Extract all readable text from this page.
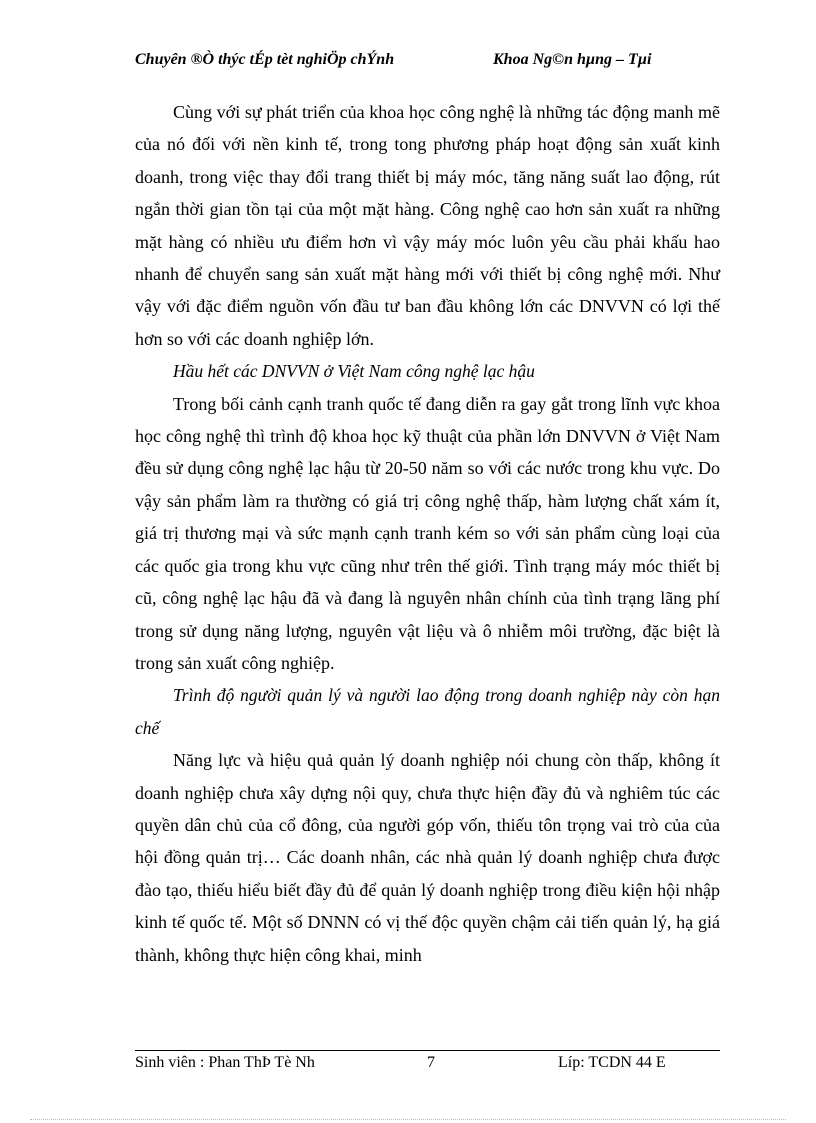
Chuyên ®Ò thýc tÉp tèt nghiÖp chÝnh	Khoa Ng©n hµng – Tµi

Cùng với sự phát triển của khoa học công nghệ là những tác động manh mẽ của nó đối với nền kinh tế, trong tong phương pháp hoạt động sản xuất kinh doanh, trong việc thay đổi trang thiết bị máy móc, tăng năng suất lao động, rút ngắn thời gian tồn tại của một mặt hàng. Công nghệ cao hơn sản xuất ra những mặt hàng có nhiều ưu điểm hơn vì vậy máy móc luôn yêu cầu phải khấu hao nhanh để chuyển sang sản xuất mặt hàng mới với thiết bị công nghệ mới. Như vậy với đặc điểm nguồn vốn đầu tư ban đầu không lớn các DNVVN có lợi thế hơn so với các doanh nghiệp lớn.

Hầu hết các DNVVN ở Việt Nam công nghệ lạc hậu

Trong bối cảnh cạnh tranh quốc tế đang diễn ra gay gắt trong lĩnh vực khoa học công nghệ thì trình độ khoa học kỹ thuật của phần lớn DNVVN ở Việt Nam đều sử dụng công nghệ lạc hậu từ 20-50 năm so với các nước trong khu vực. Do vậy sản phẩm làm ra thường có giá trị công nghệ thấp, hàm lượng chất xám ít, giá trị thương mại và sức mạnh cạnh tranh kém so với sản phẩm cùng loại của các quốc gia trong khu vực cũng như trên thế giới. Tình trạng máy móc thiết bị cũ, công nghệ lạc hậu đã và đang là nguyên nhân chính của tình trạng lãng phí trong sử dụng năng lượng, nguyên vật liệu và ô nhiễm môi trường, đặc biệt là trong sản xuất công nghiệp.

Trình độ người quản lý và người lao động trong doanh nghiệp này còn hạn chế

Năng lực và hiệu quả quản lý doanh nghiệp nói chung còn thấp, không ít doanh nghiệp chưa xây dựng nội quy, chưa thực hiện đầy đủ và nghiêm túc các quyền dân chủ của cổ đông, của người góp vốn, thiếu tôn trọng vai trò của của hội đồng quản trị… Các doanh nhân, các nhà quản lý doanh nghiệp chưa được đào tạo, thiếu hiểu biết đầy đủ để quản lý doanh nghiệp trong điều kiện hội nhập kinh tế quốc tế. Một số DNNN có vị thế độc quyền chậm cải tiến quản lý, hạ giá thành, không thực hiện công khai, minh

Sinh viên : Phan ThÞ Tè Nh	7	Líp: TCDN 44 E
